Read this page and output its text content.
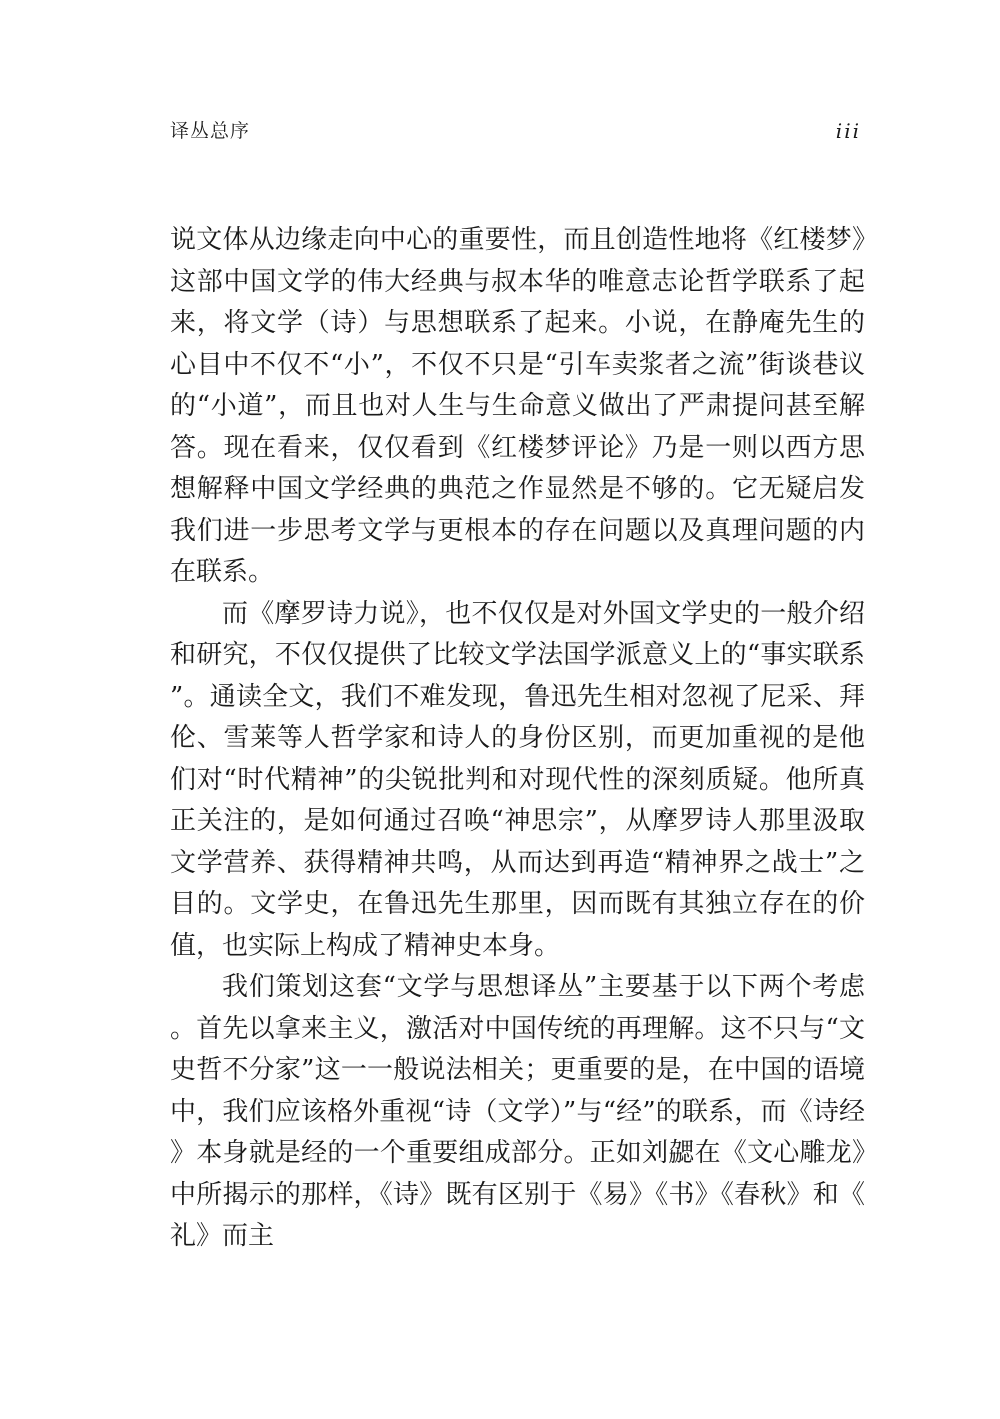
译丛总序	iii

说文体从边缘走向中心的重要性，而且创造性地将《红楼梦》这部中国文学的伟大经典与叔本华的唯意志论哲学联系了起来，将文学（诗）与思想联系了起来。小说，在静庵先生的心目中不仅不“小”，不仅不只是“引车卖浆者之流”街谈巷议的“小道”，而且也对人生与生命意义做出了严肃提问甚至解答。现在看来，仅仅看到《红楼梦评论》乃是一则以西方思想解释中国文学经典的典范之作显然是不够的。它无疑启发我们进一步思考文学与更根本的存在问题以及真理问题的内在联系。

而《摩罗诗力说》，也不仅仅是对外国文学史的一般介绍和研究，不仅仅提供了比较文学法国学派意义上的“事实联系”。通读全文，我们不难发现，鲁迅先生相对忽视了尼采、拜伦、雪莱等人哲学家和诗人的身份区别，而更加重视的是他们对“时代精神”的尖锐批判和对现代性的深刻质疑。他所真正关注的，是如何通过召唤“神思宗”，从摩罗诗人那里汲取文学营养、获得精神共鸣，从而达到再造“精神界之战士”之目的。文学史，在鲁迅先生那里，因而既有其独立存在的价值，也实际上构成了精神史本身。

我们策划这套“文学与思想译丛”主要基于以下两个考虑。首先以拿来主义，激活对中国传统的再理解。这不只与“文史哲不分家”这一一般说法相关；更重要的是，在中国的语境中，我们应该格外重视“诗（文学）”与“经”的联系，而《诗经》本身就是经的一个重要组成部分。正如刘勰在《文心雕龙》中所揭示的那样，《诗》既有区别于《易》《书》《春秋》和《礼》而主
